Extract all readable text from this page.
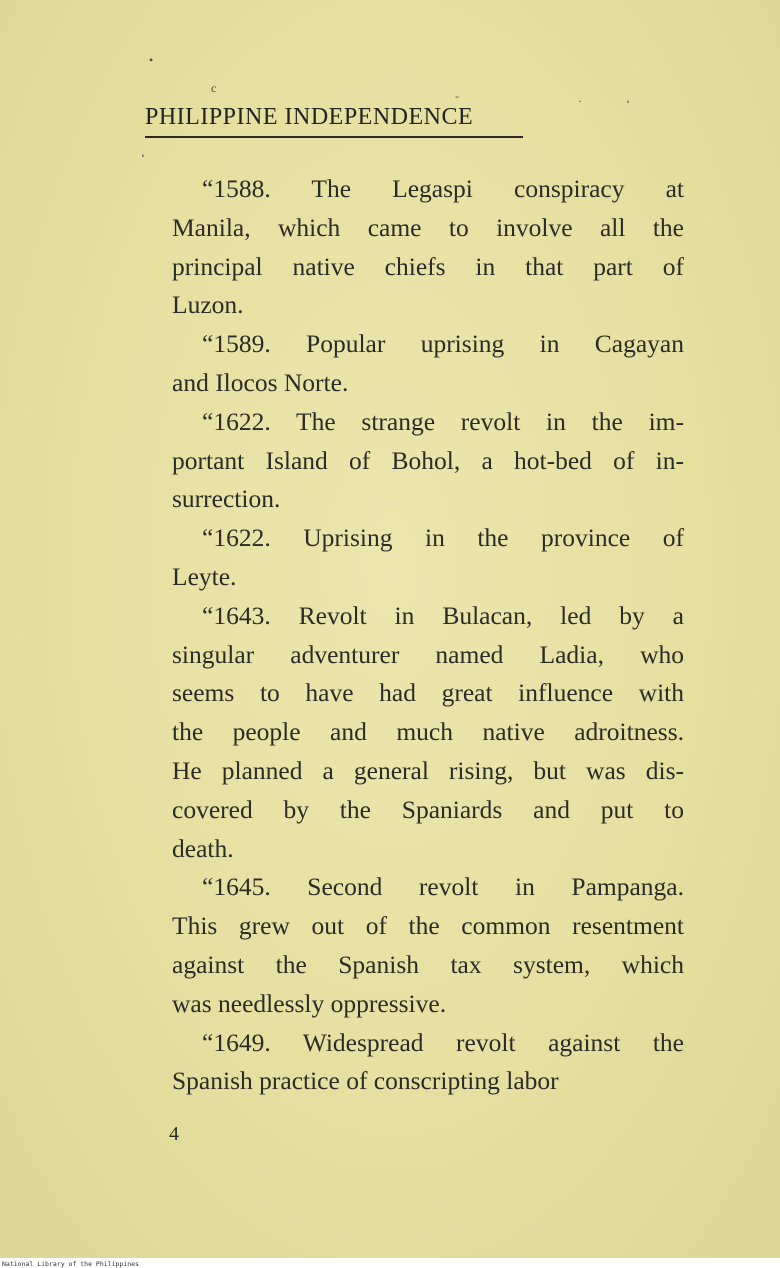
•
c
-	·	‘
‘
PHILIPPINE INDEPENDENCE
“1588. The Legaspi conspiracy at
Manila, which came to involve all the
principal native chiefs in that part of
Luzon.
“1589. Popular uprising in Cagayan
and Ilocos Norte.
“1622. The strange revolt in the im-
portant Island of Bohol, a hot-bed of in-
surrection.
“1622. Uprising in the province of
Leyte.
“1643. Revolt in Bulacan, led by a
singular adventurer named Ladia, who
seems to have had great influence with
the people and much native adroitness.
He planned a general rising, but was dis-
covered by the Spaniards and put to
death.
“1645. Second revolt in Pampanga.
This grew out of the common resentment
against the Spanish tax system, which
was needlessly oppressive.
“1649. Widespread revolt against the
Spanish practice of conscripting labor
4
National Library of the Philippines
